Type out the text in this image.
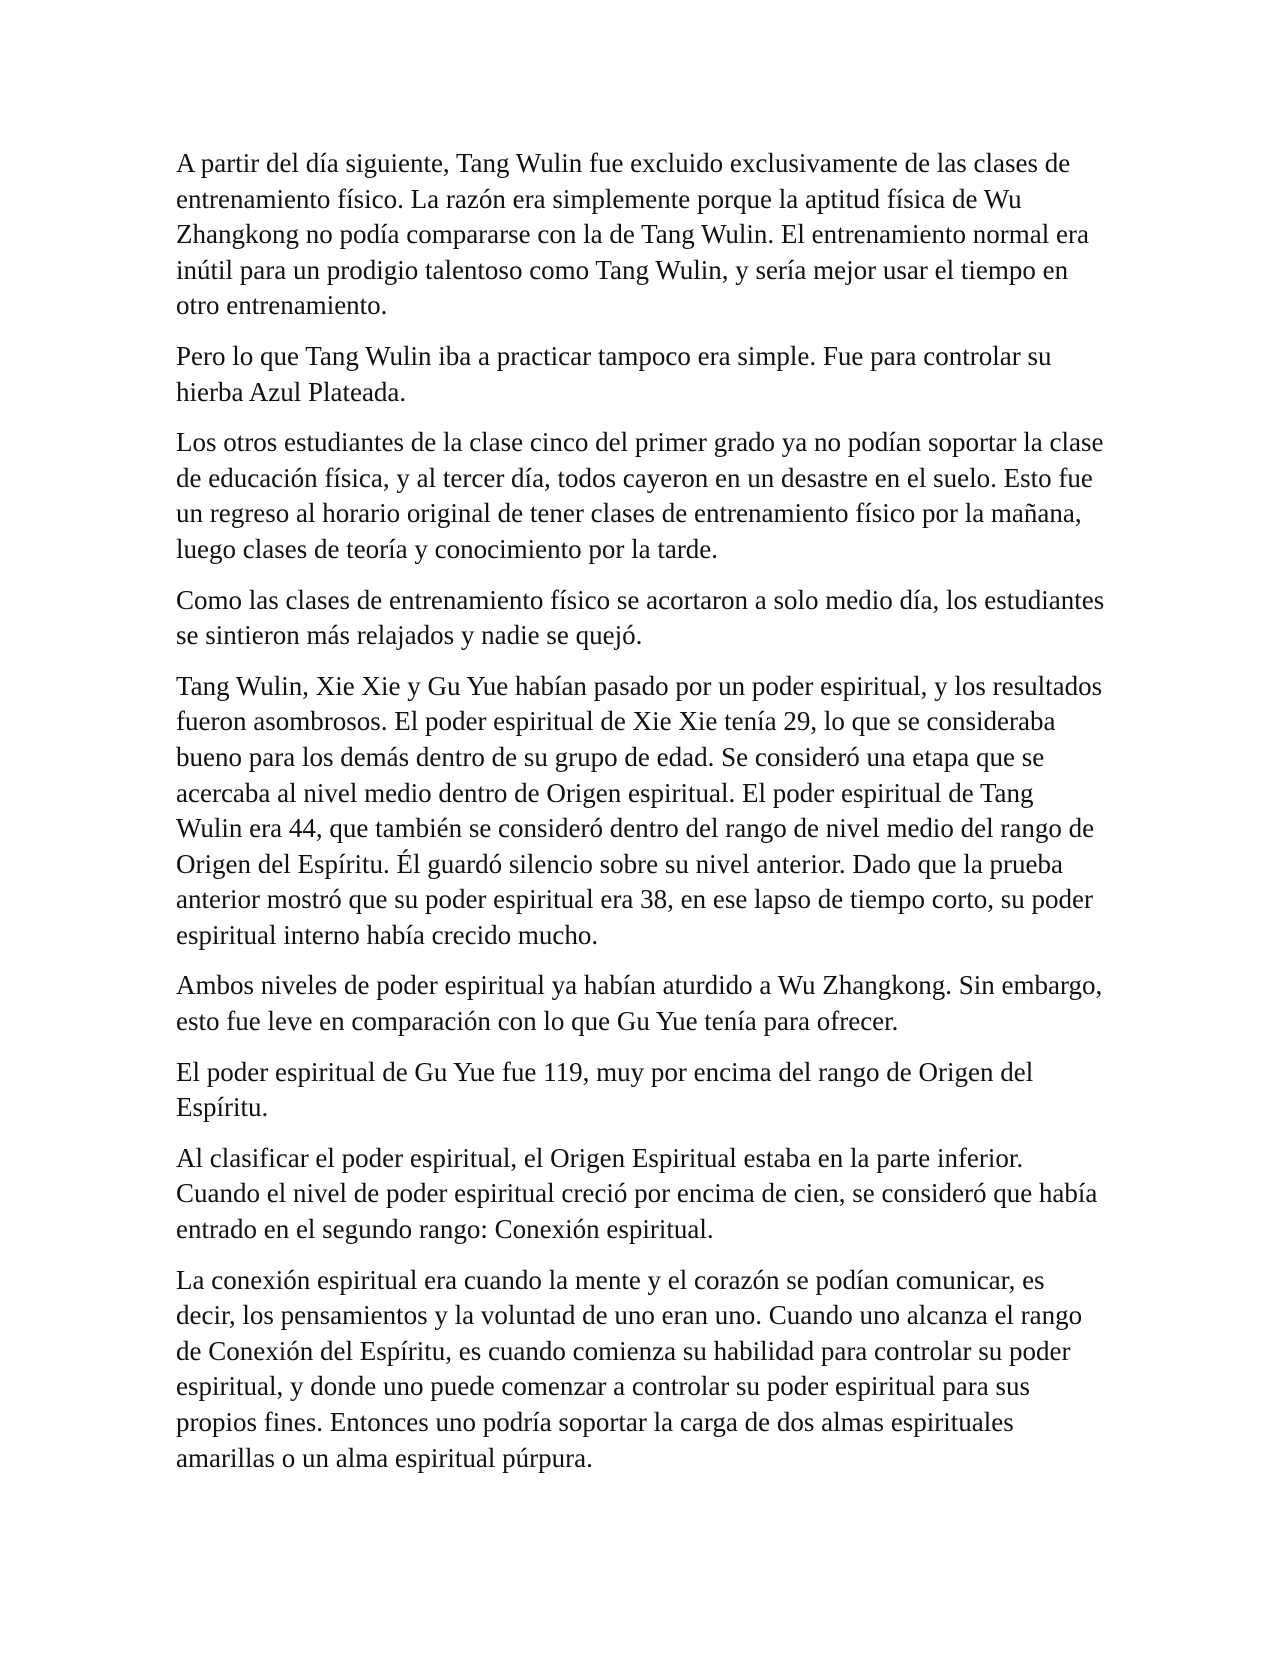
A partir del día siguiente, Tang Wulin fue excluido exclusivamente de las clases de entrenamiento físico. La razón era simplemente porque la aptitud física de Wu Zhangkong no podía compararse con la de Tang Wulin. El entrenamiento normal era inútil para un prodigio talentoso como Tang Wulin, y sería mejor usar el tiempo en otro entrenamiento.

Pero lo que Tang Wulin iba a practicar tampoco era simple. Fue para controlar su hierba Azul Plateada.

Los otros estudiantes de la clase cinco del primer grado ya no podían soportar la clase de educación física, y al tercer día, todos cayeron en un desastre en el suelo. Esto fue un regreso al horario original de tener clases de entrenamiento físico por la mañana, luego clases de teoría y conocimiento por la tarde.

Como las clases de entrenamiento físico se acortaron a solo medio día, los estudiantes se sintieron más relajados y nadie se quejó.

Tang Wulin, Xie Xie y Gu Yue habían pasado por un poder espiritual, y los resultados fueron asombrosos. El poder espiritual de Xie Xie tenía 29, lo que se consideraba bueno para los demás dentro de su grupo de edad. Se consideró una etapa que se acercaba al nivel medio dentro de Origen espiritual. El poder espiritual de Tang Wulin era 44, que también se consideró dentro del rango de nivel medio del rango de Origen del Espíritu. Él guardó silencio sobre su nivel anterior. Dado que la prueba anterior mostró que su poder espiritual era 38, en ese lapso de tiempo corto, su poder espiritual interno había crecido mucho.

Ambos niveles de poder espiritual ya habían aturdido a Wu Zhangkong. Sin embargo, esto fue leve en comparación con lo que Gu Yue tenía para ofrecer.

El poder espiritual de Gu Yue fue 119, muy por encima del rango de Origen del Espíritu.

Al clasificar el poder espiritual, el Origen Espiritual estaba en la parte inferior. Cuando el nivel de poder espiritual creció por encima de cien, se consideró que había entrado en el segundo rango: Conexión espiritual.

La conexión espiritual era cuando la mente y el corazón se podían comunicar, es decir, los pensamientos y la voluntad de uno eran uno. Cuando uno alcanza el rango de Conexión del Espíritu, es cuando comienza su habilidad para controlar su poder espiritual, y donde uno puede comenzar a controlar su poder espiritual para sus propios fines. Entonces uno podría soportar la carga de dos almas espirituales amarillas o un alma espiritual púrpura.
